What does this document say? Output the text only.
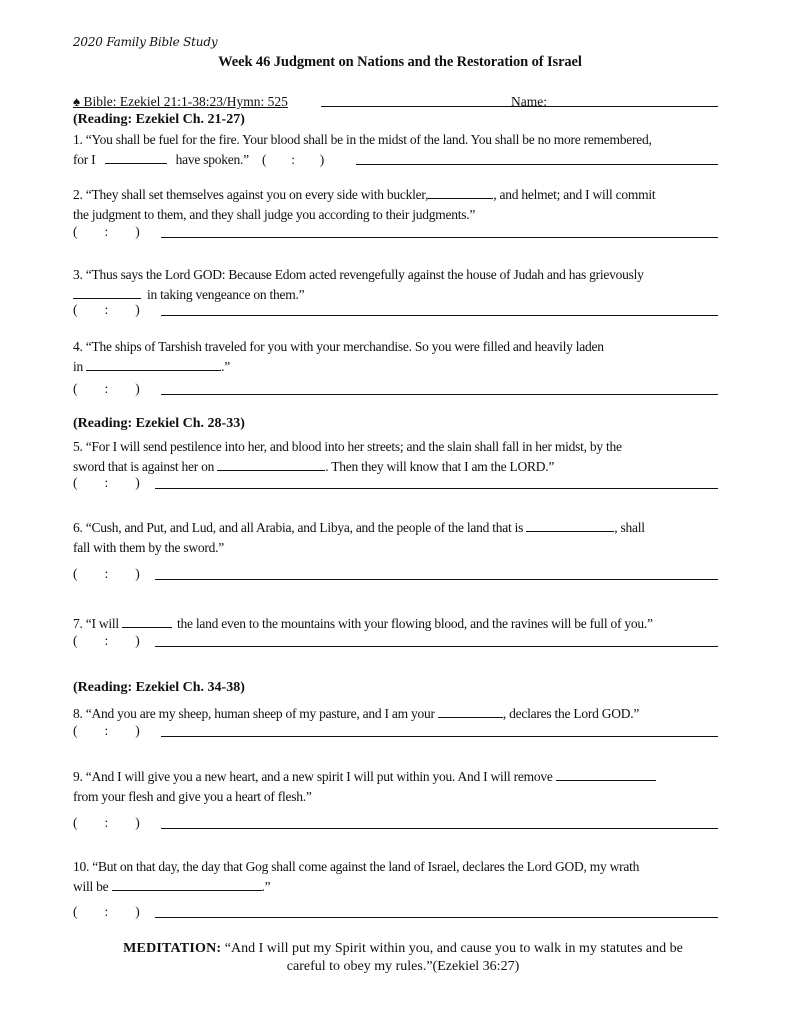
2020 Family Bible Study
Week 46 Judgment on Nations and the Restoration of Israel
♠ Bible: Ezekiel 21:1-38:23/Hymn: 525	Name:
(Reading: Ezekiel Ch. 21-27)
1. “You shall be fuel for the fire. Your blood shall be in the midst of the land. You shall be no more remembered,
for I	have spoken.” (        :        )
2. “They shall set themselves against you on every side with buckler,	, and helmet; and I will commit
the judgment to them, and they shall judge you according to their judgments.”
(        :        )
3. “Thus says the Lord GOD: Because Edom acted revengefully against the house of Judah and has grievously
in taking vengeance on them.”
(        :        )
4. “The ships of Tarshish traveled for you with your merchandise. So you were filled and heavily laden
in	.”
(        :        )
(Reading: Ezekiel Ch. 28-33)
5. “For I will send pestilence into her, and blood into her streets; and the slain shall fall in her midst, by the
sword that is against her on	. Then they will know that I am the LORD.”
(        :        )
6. “Cush, and Put, and Lud, and all Arabia, and Libya, and the people of the land that is	, shall
fall with them by the sword.”
(        :        )
7. “I will	the land even to the mountains with your flowing blood, and the ravines will be full of you.”
(        :        )
(Reading: Ezekiel Ch. 34-38)
8. “And you are my sheep, human sheep of my pasture, and I am your	, declares the Lord GOD.”
(        :        )
9. “And I will give you a new heart, and a new spirit I will put within you. And I will remove
from your flesh and give you a heart of flesh.”
(        :        )
10. “But on that day, the day that Gog shall come against the land of Israel, declares the Lord GOD, my wrath
will be	.”
(        :        )
MEDITATION: “And I will put my Spirit within you, and cause you to walk in my statutes and be
careful to obey my rules.”(Ezekiel 36:27)
